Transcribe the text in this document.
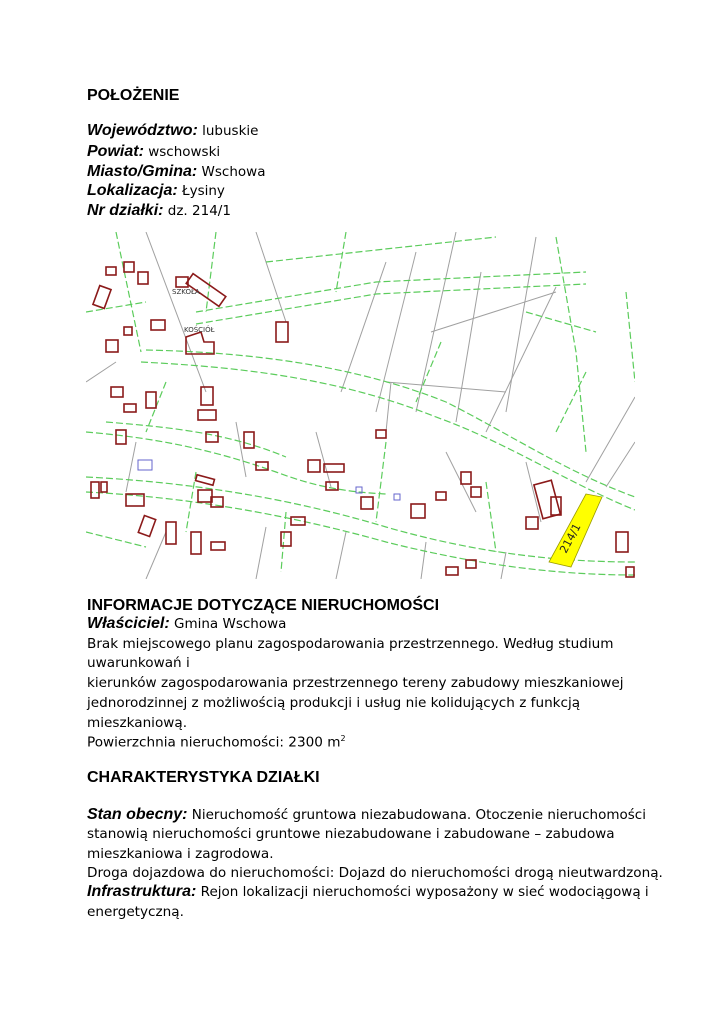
POŁOŻENIE
Województwo: lubuskie
Powiat: wschowski
Miasto/Gmina: Wschowa
Lokalizacja: Łysiny
Nr działki: dz. 214/1
SZKOŁA
KOŚCIÓŁ
214/1
INFORMACJE DOTYCZĄCE NIERUCHOMOŚCI
Właściciel: Gmina Wschowa
Brak miejscowego planu zagospodarowania przestrzennego. Według studium
uwarunkowań i
kierunków zagospodarowania przestrzennego tereny zabudowy mieszkaniowej
jednorodzinnej z możliwością produkcji i usług nie kolidujących z funkcją
mieszkaniową.
Powierzchnia nieruchomości: 2300 $m^2$
CHARAKTERYSTYKA DZIAŁKI
Stan obecny: Nieruchomość gruntowa niezabudowana. Otoczenie nieruchomości
stanowią nieruchomości gruntowe niezabudowane i zabudowane – zabudowa
mieszkaniowa i zagrodowa.
Droga dojazdowa do nieruchomości: Dojazd do nieruchomości drogą nieutwardzoną.
Infrastruktura: Rejon lokalizacji nieruchomości wyposażony w sieć wodociągową i
energetyczną.
